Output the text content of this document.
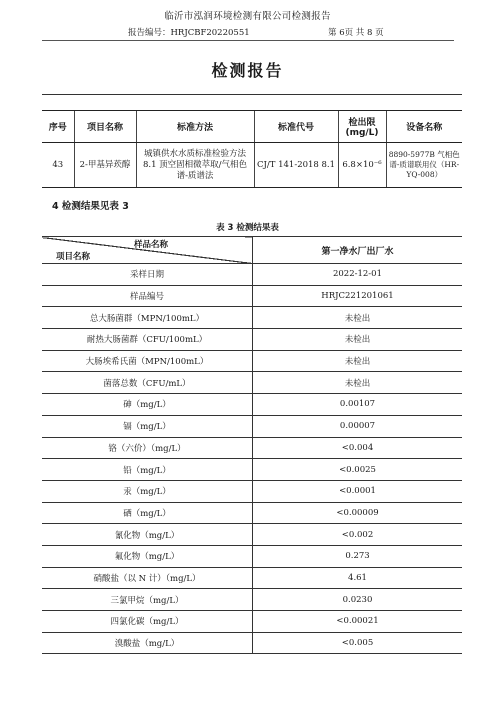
临沂市泓润环境检测有限公司检测报告
报告编号：HRJCBF20220551	第 6页 共 8 页
检测报告
序号	项目名称	标准方法	标准代号	检出限 (mg/L)	设备名称
43	2-甲基异莰醇	城镇供水水质标准检验方法 8.1 顶空固相微萃取/气相色谱-质谱法	CJ/T 141-2018 8.1	6.8×10⁻⁶	8890-5977B 气相色谱-质谱联用仪（HR-YQ-008）
4 检测结果见表 3
表 3 检测结果表
样品名称
项目名称	第一净水厂出厂水
采样日期	2022-12-01
样品编号	HRJC221201061
总大肠菌群（MPN/100mL）	未检出
耐热大肠菌群（CFU/100mL）	未检出
大肠埃希氏菌（MPN/100mL）	未检出
菌落总数（CFU/mL）	未检出
砷（mg/L）	0.00107
镉（mg/L）	0.00007
铬（六价）（mg/L）	<0.004
铅（mg/L）	<0.0025
汞（mg/L）	<0.0001
硒（mg/L）	<0.00009
氰化物（mg/L）	<0.002
氟化物（mg/L）	0.273
硝酸盐（以 N 计）（mg/L）	4.61
三氯甲烷（mg/L）	0.0230
四氯化碳（mg/L）	<0.00021
溴酸盐（mg/L）	<0.005
